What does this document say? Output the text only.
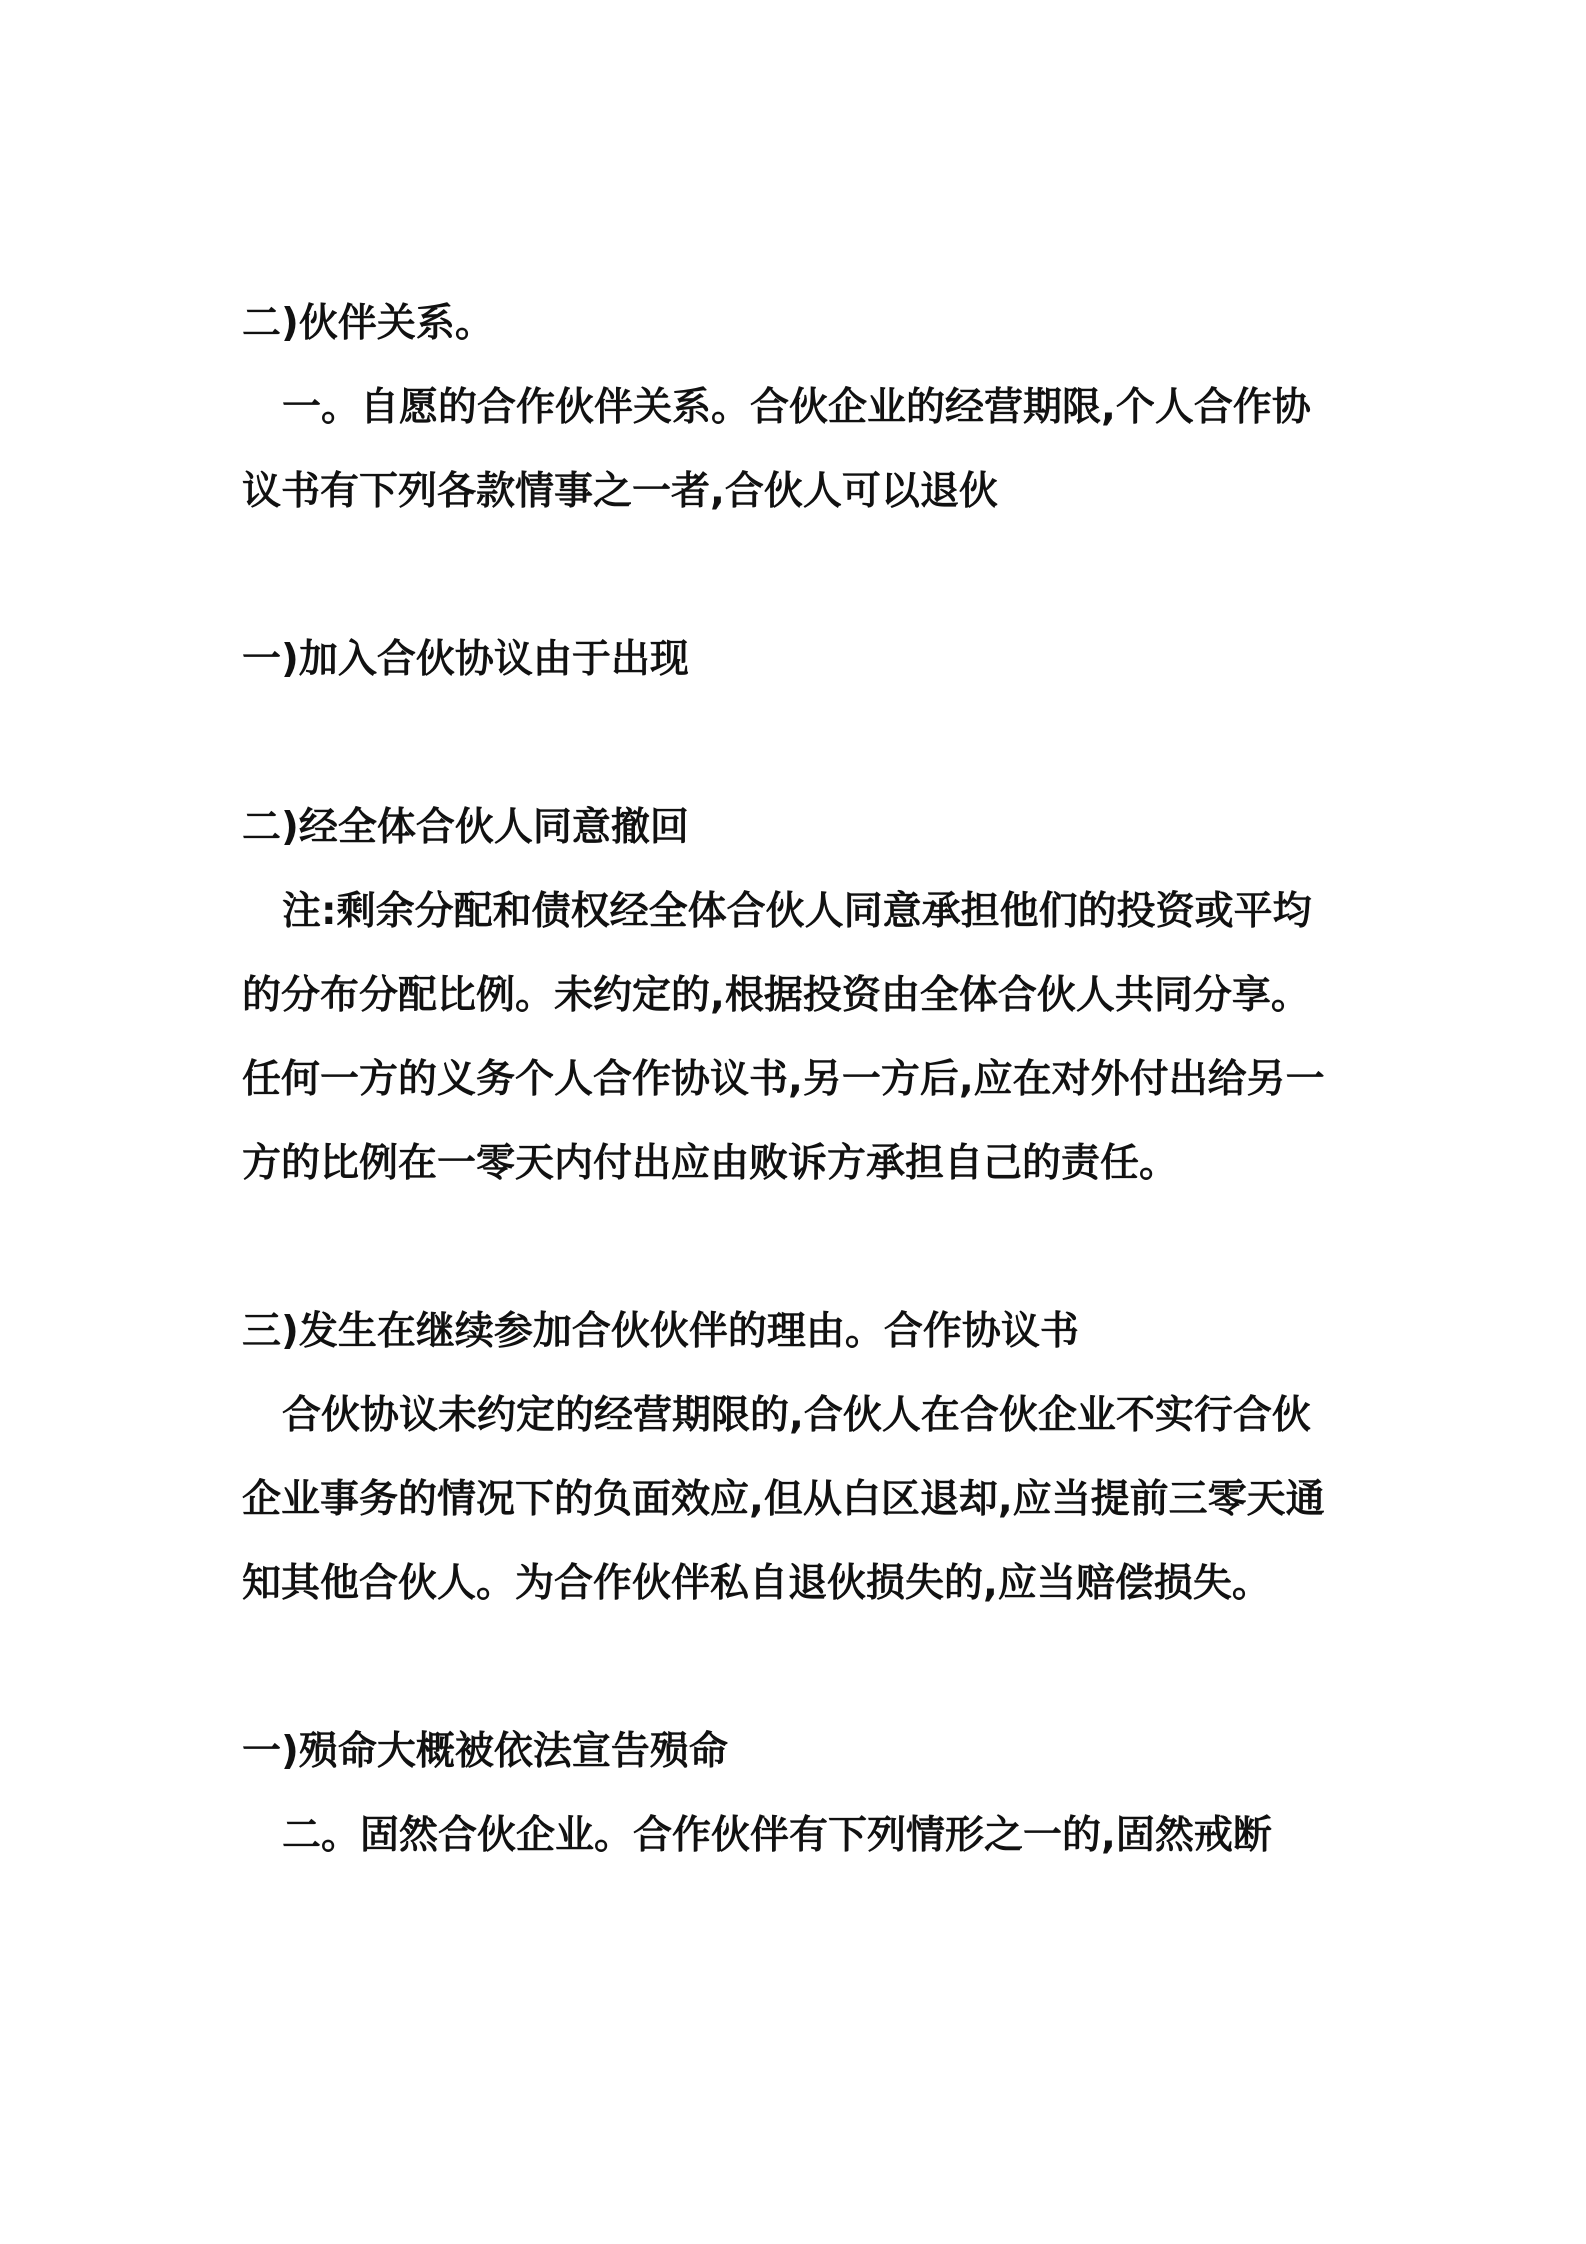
二)伙伴关系。

一。自愿的合作伙伴关系。合伙企业的经营期限,个人合作协

议书有下列各款情事之一者,合伙人可以退伙

一)加入合伙协议由于出现

二)经全体合伙人同意撤回

注:剩余分配和债权经全体合伙人同意承担他们的投资或平均

的分布分配比例。未约定的,根据投资由全体合伙人共同分享。

任何一方的义务个人合作协议书,另一方后,应在对外付出给另一

方的比例在一零天内付出应由败诉方承担自己的责任。

三)发生在继续参加合伙伙伴的理由。合作协议书

合伙协议未约定的经营期限的,合伙人在合伙企业不实行合伙

企业事务的情况下的负面效应,但从白区退却,应当提前三零天通

知其他合伙人。为合作伙伴私自退伙损失的,应当赔偿损失。

一)殒命大概被依法宣告殒命

二。固然合伙企业。合作伙伴有下列情形之一的,固然戒断
